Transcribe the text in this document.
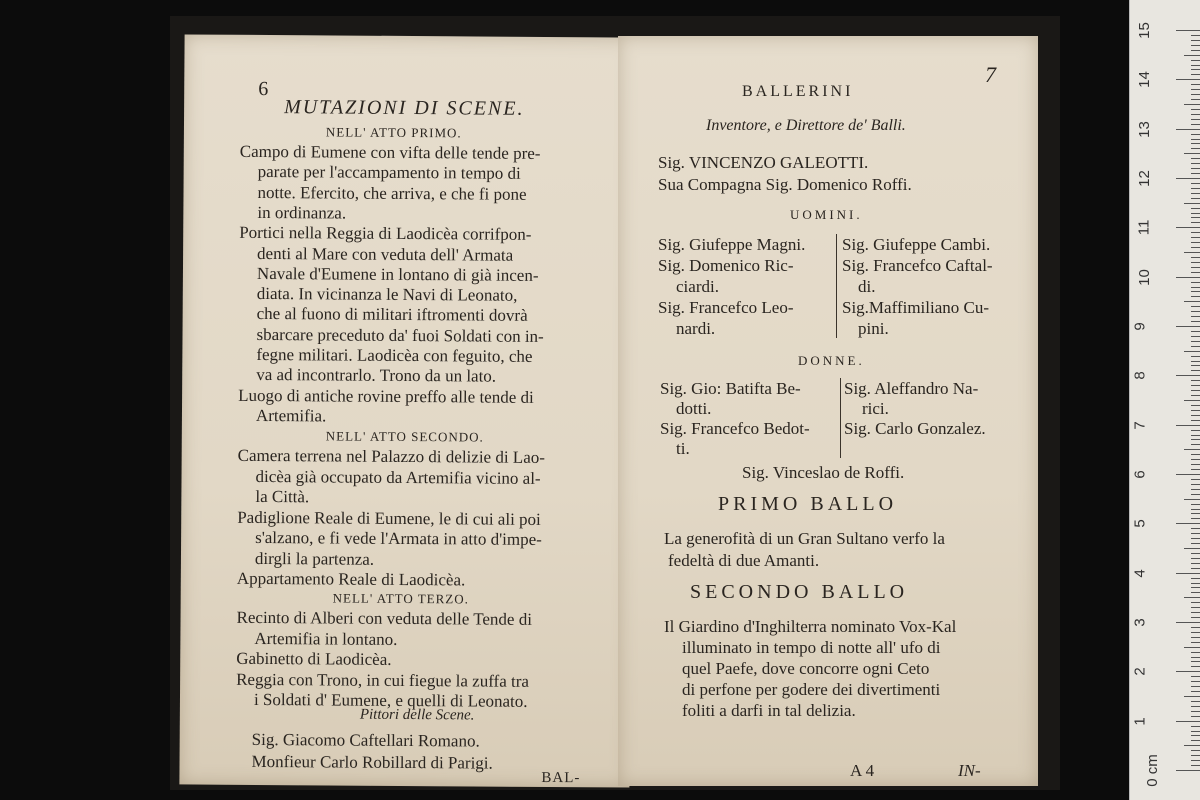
6
MUTAZIONI DI SCENE.
NELL' ATTO PRIMO.
Campo di Eumene con vifta delle tende pre-
parate per l'accampamento in tempo di
notte. Efercito, che arriva, e che fi pone
in ordinanza.
Portici nella Reggia di Laodicèa corrifpon-
denti al Mare con veduta dell' Armata
Navale d'Eumene in lontano di già incen-
diata. In vicinanza le Navi di Leonato,
che al fuono di militari iftromenti dovrà
sbarcare preceduto da' fuoi Soldati con in-
fegne militari. Laodicèa con feguito, che
va ad incontrarlo. Trono da un lato.
Luogo di antiche rovine preffo alle tende di
Artemifia.
NELL' ATTO SECONDO.
Camera terrena nel Palazzo di delizie di Lao-
dicèa già occupato da Artemifia vicino al-
la Città.
Padiglione Reale di Eumene, le di cui ali poi
s'alzano, e fi vede l'Armata in atto d'impe-
dirgli la partenza.
Appartamento Reale di Laodicèa.
NELL' ATTO TERZO.
Recinto di Alberi con veduta delle Tende di
Artemifia in lontano.
Gabinetto di Laodicèa.
Reggia con Trono, in cui fiegue la zuffa tra
i Soldati d' Eumene, e quelli di Leonato.
Pittori delle Scene.
Sig. Giacomo Caftellari Romano.
Monfieur Carlo Robillard di Parigi.
BAL-
7
BALLERINI
Inventore, e Direttore de' Balli.
Sig. VINCENZO GALEOTTI.
Sua Compagna Sig. Domenico Roffi.
UOMINI.
Sig. Giufeppe Magni.
Sig. Domenico Ric-
ciardi.
Sig. Francefco Leo-
nardi.
Sig. Giufeppe Cambi.
Sig. Francefco Caftal-
di.
Sig.Maffimiliano Cu-
pini.
DONNE.
Sig. Gio: Batifta Be-
dotti.
Sig. Francefco Bedot-
ti.
Sig. Aleffandro Na-
rici.
Sig. Carlo Gonzalez.
Sig. Vinceslao de Roffi.
PRIMO BALLO
La generofità di un Gran Sultano verfo la
fedeltà di due Amanti.
SECONDO BALLO
Il Giardino d'Inghilterra nominato Vox-Kal
illuminato in tempo di notte all' ufo di
quel Paefe, dove concorre ogni Ceto
di perfone per godere dei divertimenti
foliti a darfi in tal delizia.
A 4	IN-
15
14
13
12
11
10
9
8
7
6
5
4
3
2
1
0 cm
